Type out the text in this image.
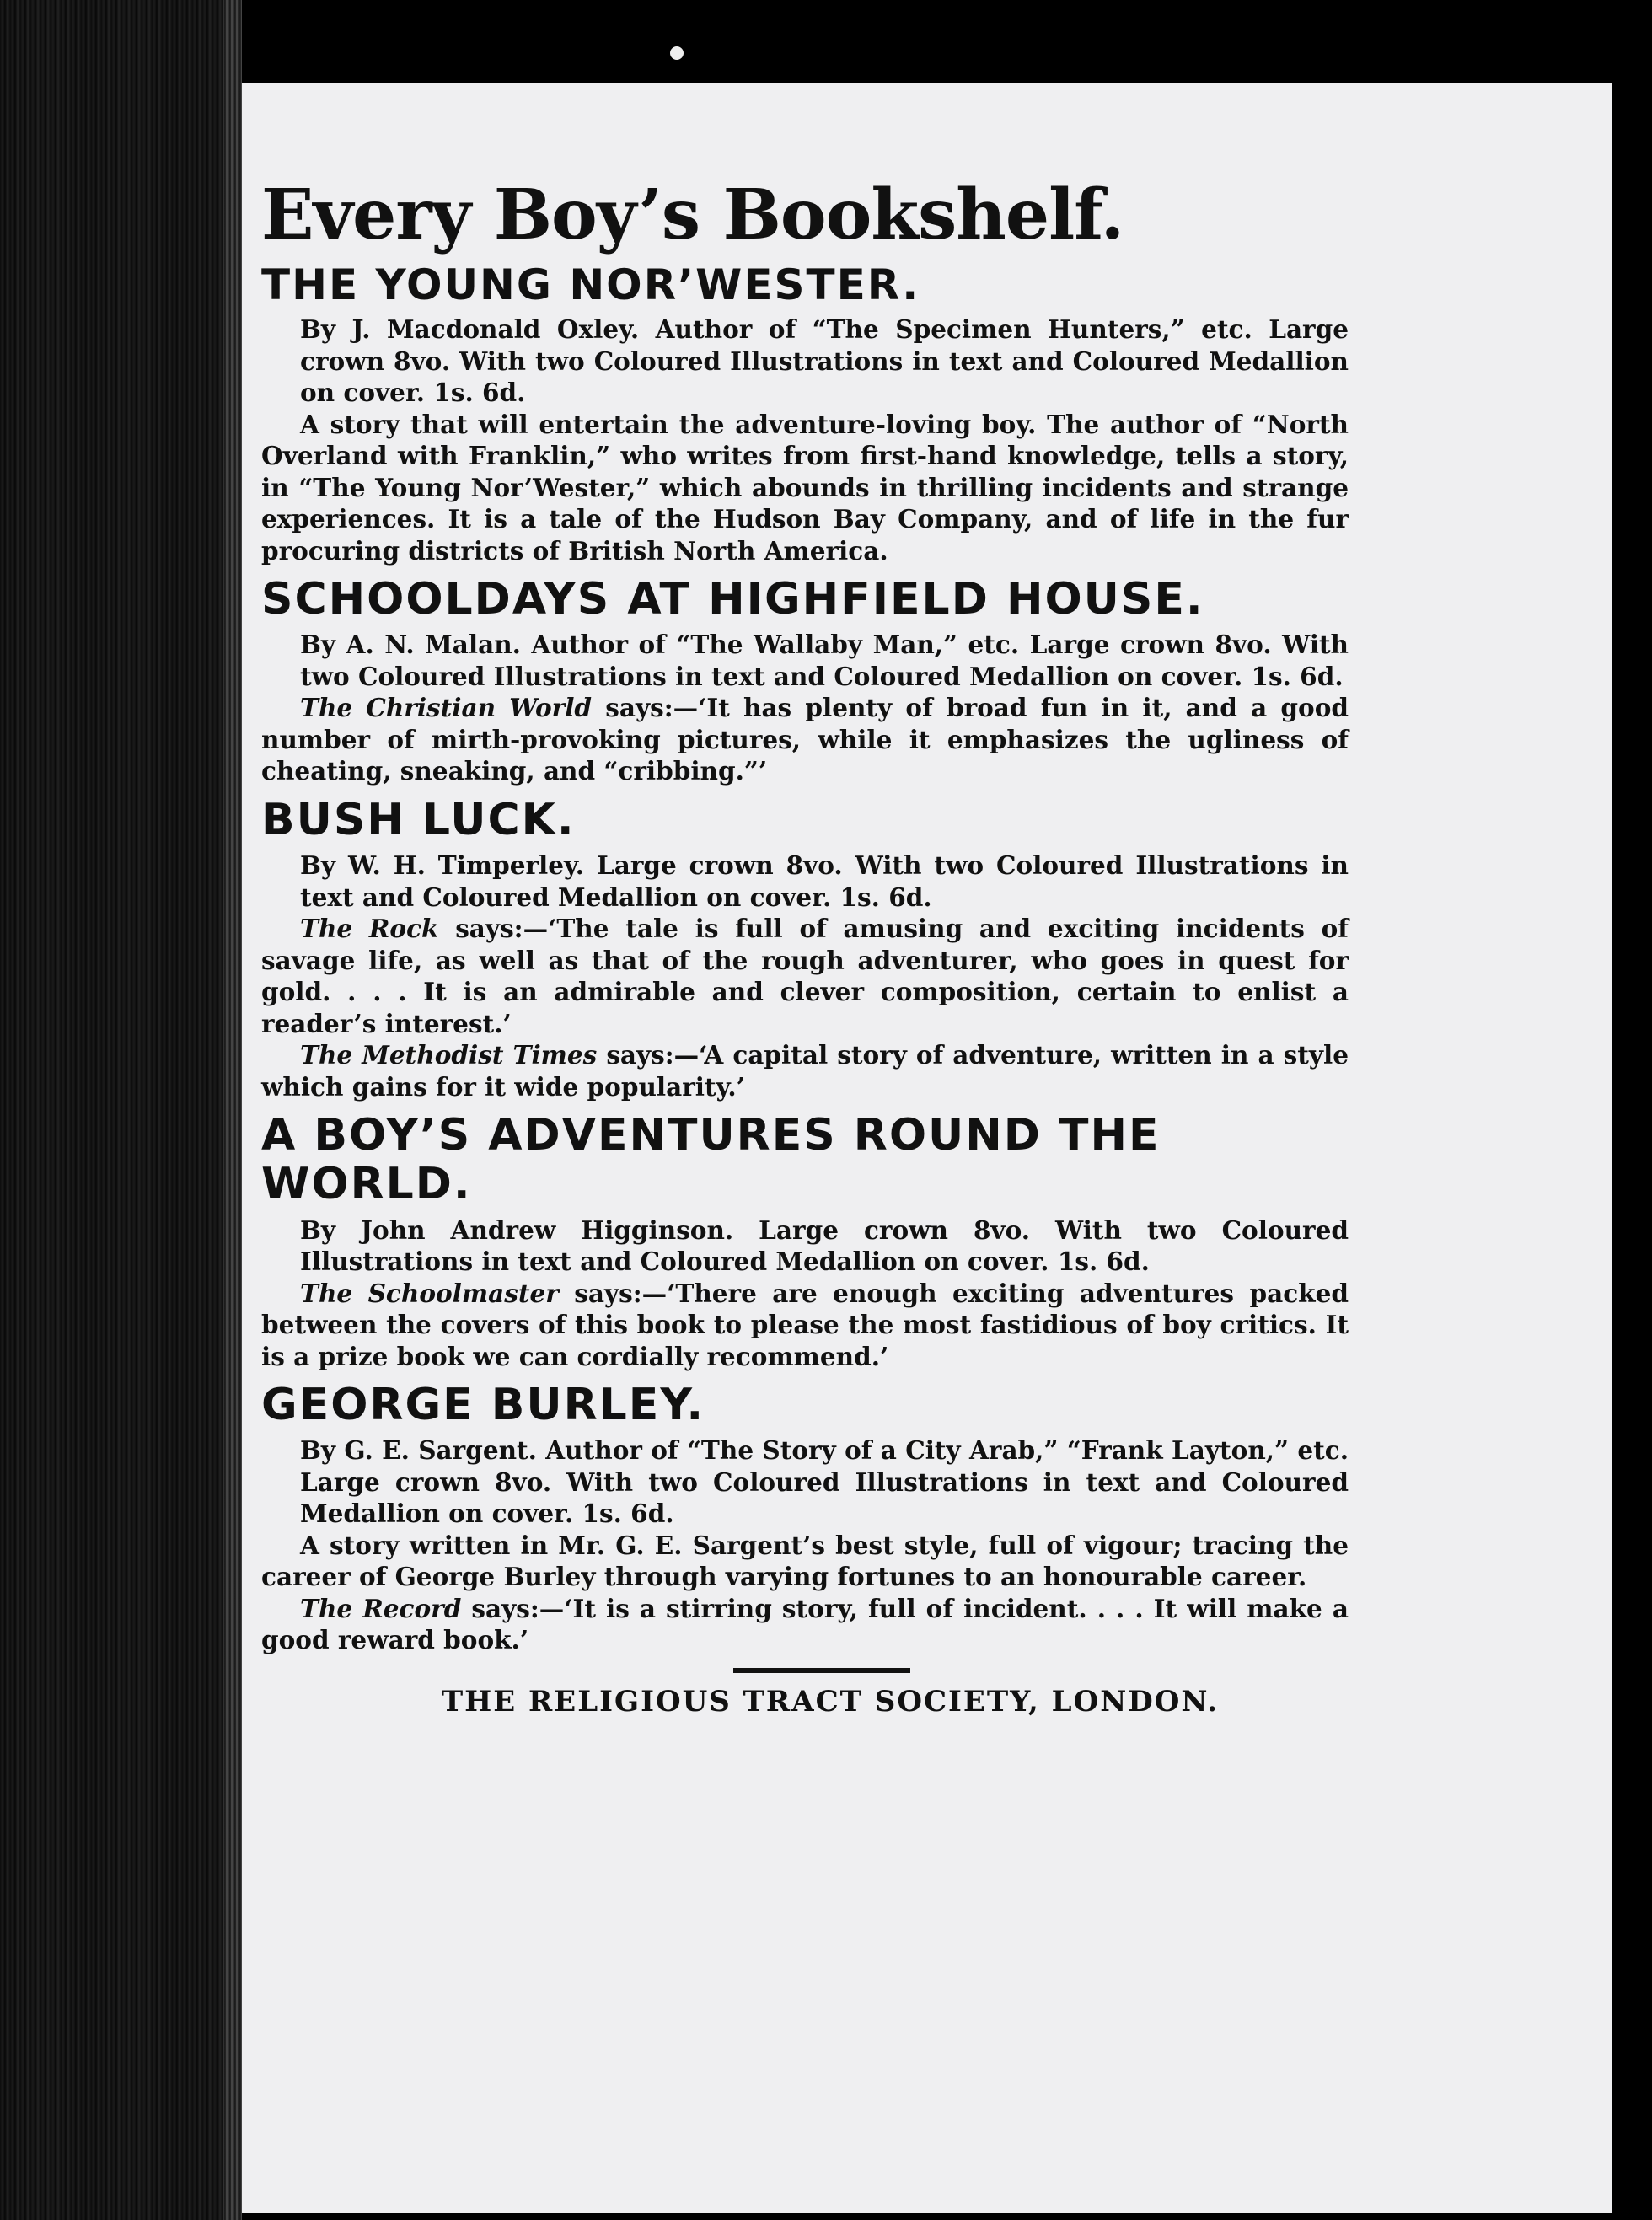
Every Boy’s Bookshelf.
THE YOUNG NOR’WESTER.

By J. Macdonald Oxley. Author of “The Specimen Hunters,” etc. Large crown 8vo. With two Coloured Illustrations in text and Coloured Medallion on cover. 1s. 6d.

A story that will entertain the adventure-loving boy. The author of “North Overland with Franklin,” who writes from first-hand knowledge, tells a story, in “The Young Nor’Wester,” which abounds in thrilling incidents and strange experiences. It is a tale of the Hudson Bay Company, and of life in the fur procuring districts of British North America.

SCHOOLDAYS AT HIGHFIELD HOUSE.

By A. N. Malan. Author of “The Wallaby Man,” etc. Large crown 8vo. With two Coloured Illustrations in text and Coloured Medallion on cover. 1s. 6d.

The Christian World says:—‘It has plenty of broad fun in it, and a good number of mirth-provoking pictures, while it emphasizes the ugliness of cheating, sneaking, and “cribbing.”’

BUSH LUCK.

By W. H. Timperley. Large crown 8vo. With two Coloured Illustrations in text and Coloured Medallion on cover. 1s. 6d.

The Rock says:—‘The tale is full of amusing and exciting incidents of savage life, as well as that of the rough adventurer, who goes in quest for gold. . . . It is an admirable and clever composition, certain to enlist a reader’s interest.’

The Methodist Times says:—‘A capital story of adventure, written in a style which gains for it wide popularity.’

A BOY’S ADVENTURES ROUND THE WORLD.

By John Andrew Higginson. Large crown 8vo. With two Coloured Illustrations in text and Coloured Medallion on cover. 1s. 6d.

The Schoolmaster says:—‘There are enough exciting adventures packed between the covers of this book to please the most fastidious of boy critics. It is a prize book we can cordially recommend.’

GEORGE BURLEY.

By G. E. Sargent. Author of “The Story of a City Arab,” “Frank Layton,” etc. Large crown 8vo. With two Coloured Illustrations in text and Coloured Medallion on cover. 1s. 6d.

A story written in Mr. G. E. Sargent’s best style, full of vigour; tracing the career of George Burley through varying fortunes to an honourable career.

The Record says:—‘It is a stirring story, full of incident. . . . It will make a good reward book.’

THE RELIGIOUS TRACT SOCIETY, LONDON.
